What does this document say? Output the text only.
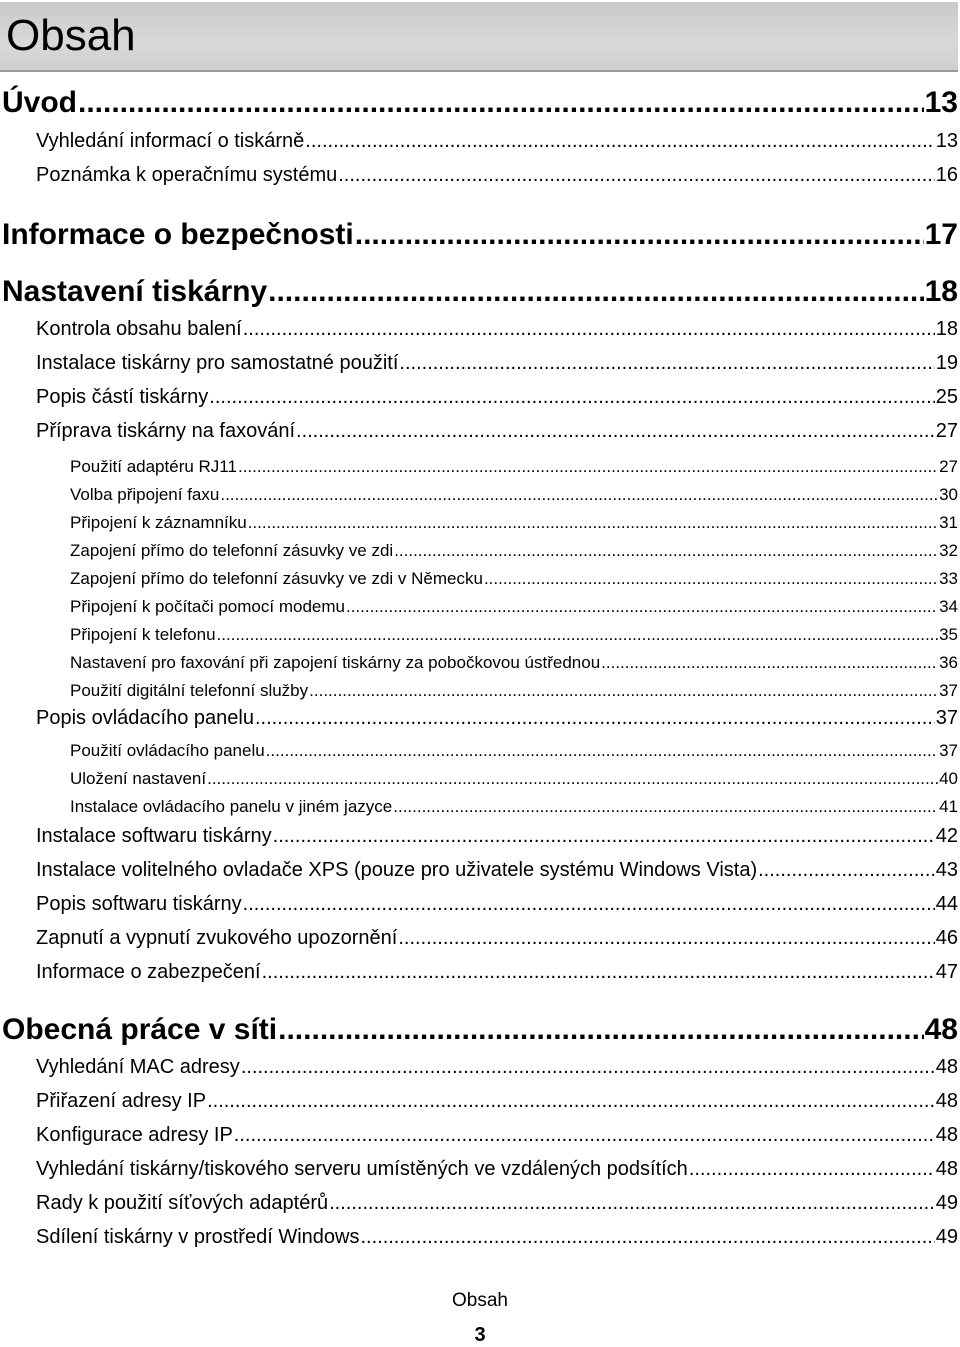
Obsah
Úvod .....	13
Vyhledání informací o tiskárně .....	13
Poznámka k operačnímu systému .....	16
Informace o bezpečnosti .....	17
Nastavení tiskárny .....	18
Kontrola obsahu balení .....	18
Instalace tiskárny pro samostatné použití .....	19
Popis částí tiskárny .....	25
Příprava tiskárny na faxování .....	27
Použití adaptéru RJ11 .....	27
Volba připojení faxu .....	30
Připojení k záznamníku .....	31
Zapojení přímo do telefonní zásuvky ve zdi .....	32
Zapojení přímo do telefonní zásuvky ve zdi v Německu .....	33
Připojení k počítači pomocí modemu .....	34
Připojení k telefonu .....	35
Nastavení pro faxování při zapojení tiskárny za pobočkovou ústřednou .....	36
Použití digitální telefonní služby .....	37
Popis ovládacího panelu .....	37
Použití ovládacího panelu .....	37
Uložení nastavení .....	40
Instalace ovládacího panelu v jiném jazyce .....	41
Instalace softwaru tiskárny .....	42
Instalace volitelného ovladače XPS (pouze pro uživatele systému Windows Vista) .....	43
Popis softwaru tiskárny .....	44
Zapnutí a vypnutí zvukového upozornění .....	46
Informace o zabezpečení .....	47
Obecná práce v síti .....	48
Vyhledání MAC adresy .....	48
Přiřazení adresy IP .....	48
Konfigurace adresy IP .....	48
Vyhledání tiskárny/tiskového serveru umístěných ve vzdálených podsítích .....	48
Rady k použití síťových adaptérů .....	49
Sdílení tiskárny v prostředí Windows .....	49
Obsah
3
